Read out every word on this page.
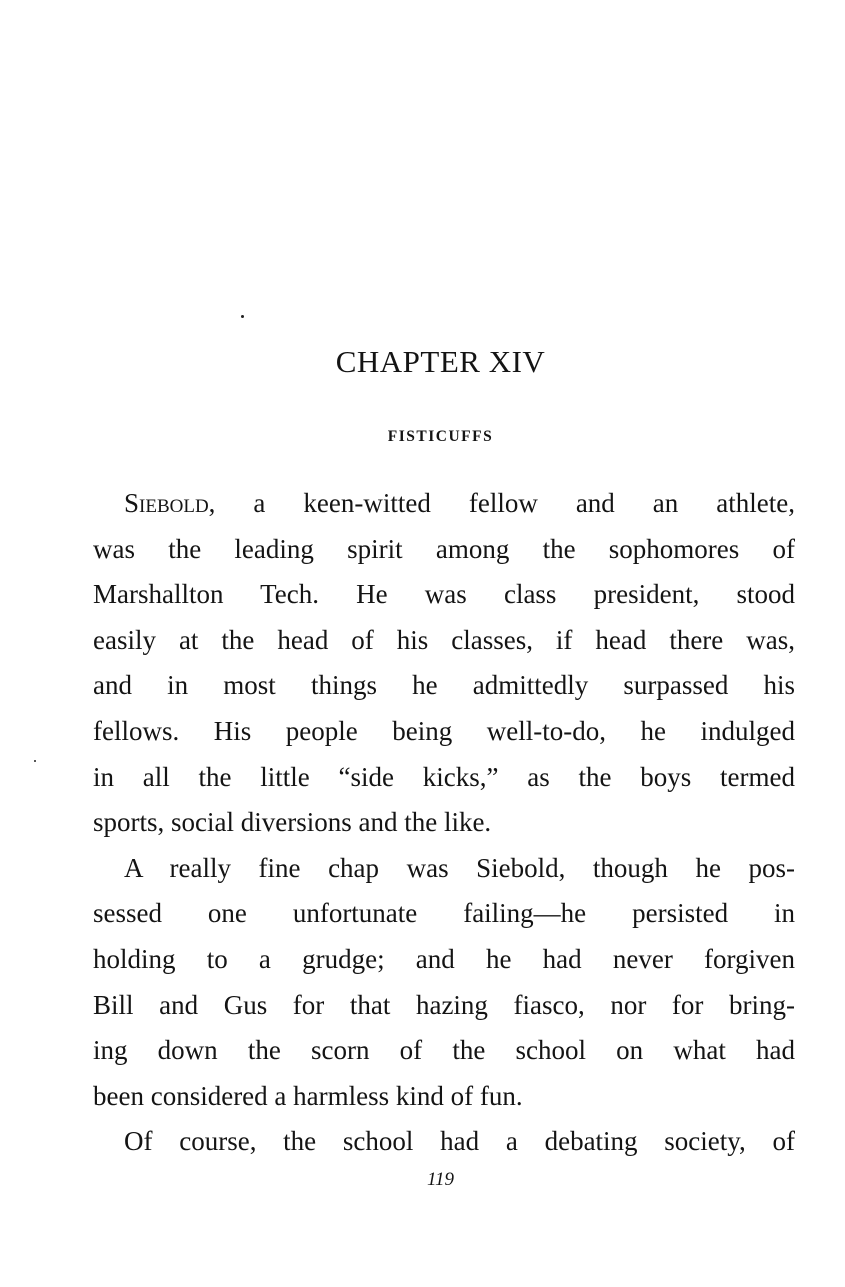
CHAPTER XIV
FISTICUFFS
Siebold, a keen-witted fellow and an athlete,
was the leading spirit among the sophomores of
Marshallton Tech. He was class president, stood
easily at the head of his classes, if head there was,
and in most things he admittedly surpassed his
fellows. His people being well-to-do, he indulged
in all the little “side kicks,” as the boys termed
sports, social diversions and the like.
A really fine chap was Siebold, though he pos-
sessed one unfortunate failing—he persisted in
holding to a grudge; and he had never forgiven
Bill and Gus for that hazing fiasco, nor for bring-
ing down the scorn of the school on what had
been considered a harmless kind of fun.
Of course, the school had a debating society, of
119
